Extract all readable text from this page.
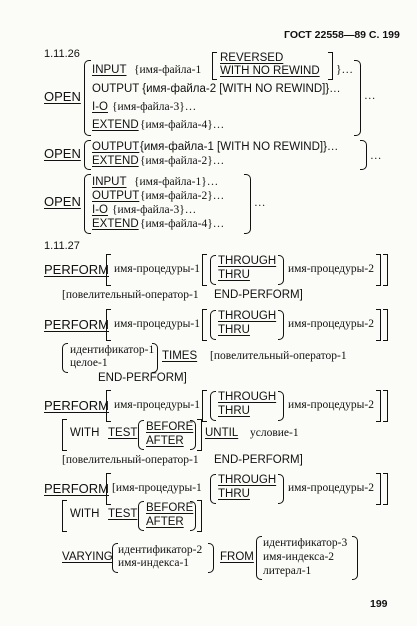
ГОСТ 22558—89 С. 199
1.11.26
OPEN
INPUT {имя-файла-1
REVERSED
WITH NO REWIND }…
OUTPUT {имя-файла-2 [WITH NO REWIND]}…
I-O {имя-файла-3}…
EXTEND {имя-файла-4}…
…
OPEN OUTPUT {имя-файла-1 [WITH NO REWIND]}…
EXTEND {имя-файла-2}…	…
OPEN
INPUT {имя-файла-1}…
OUTPUT {имя-файла-2}…
I-O {имя-файла-3}…
EXTEND {имя-файла-4}…
…
1.11.27
PERFORM имя-процедуры-1
THROUGH
THRU	имя-процедуры-2
[повелительный-оператор-1 END-PERFORM]
PERFORM имя-процедуры-1
THROUGH
THRU	имя-процедуры-2
идентификатор-1
целое-1
TIMES [повелительный-оператор-1
END-PERFORM]
PERFORM имя-процедуры-1
THROUGH
THRU	имя-процедуры-2
WITH TEST BEFORE
AFTER
UNTIL условие-1
[повелительный-оператор-1 END-PERFORM]
PERFORM [имя-процедуры-1
THROUGH
THRU	имя-процедуры-2
WITH TEST BEFORE
AFTER
VARYING
идентификатор-2
имя-индекса-1	FROM
идентификатор-3
имя-индекса-2
литерал-1
199
